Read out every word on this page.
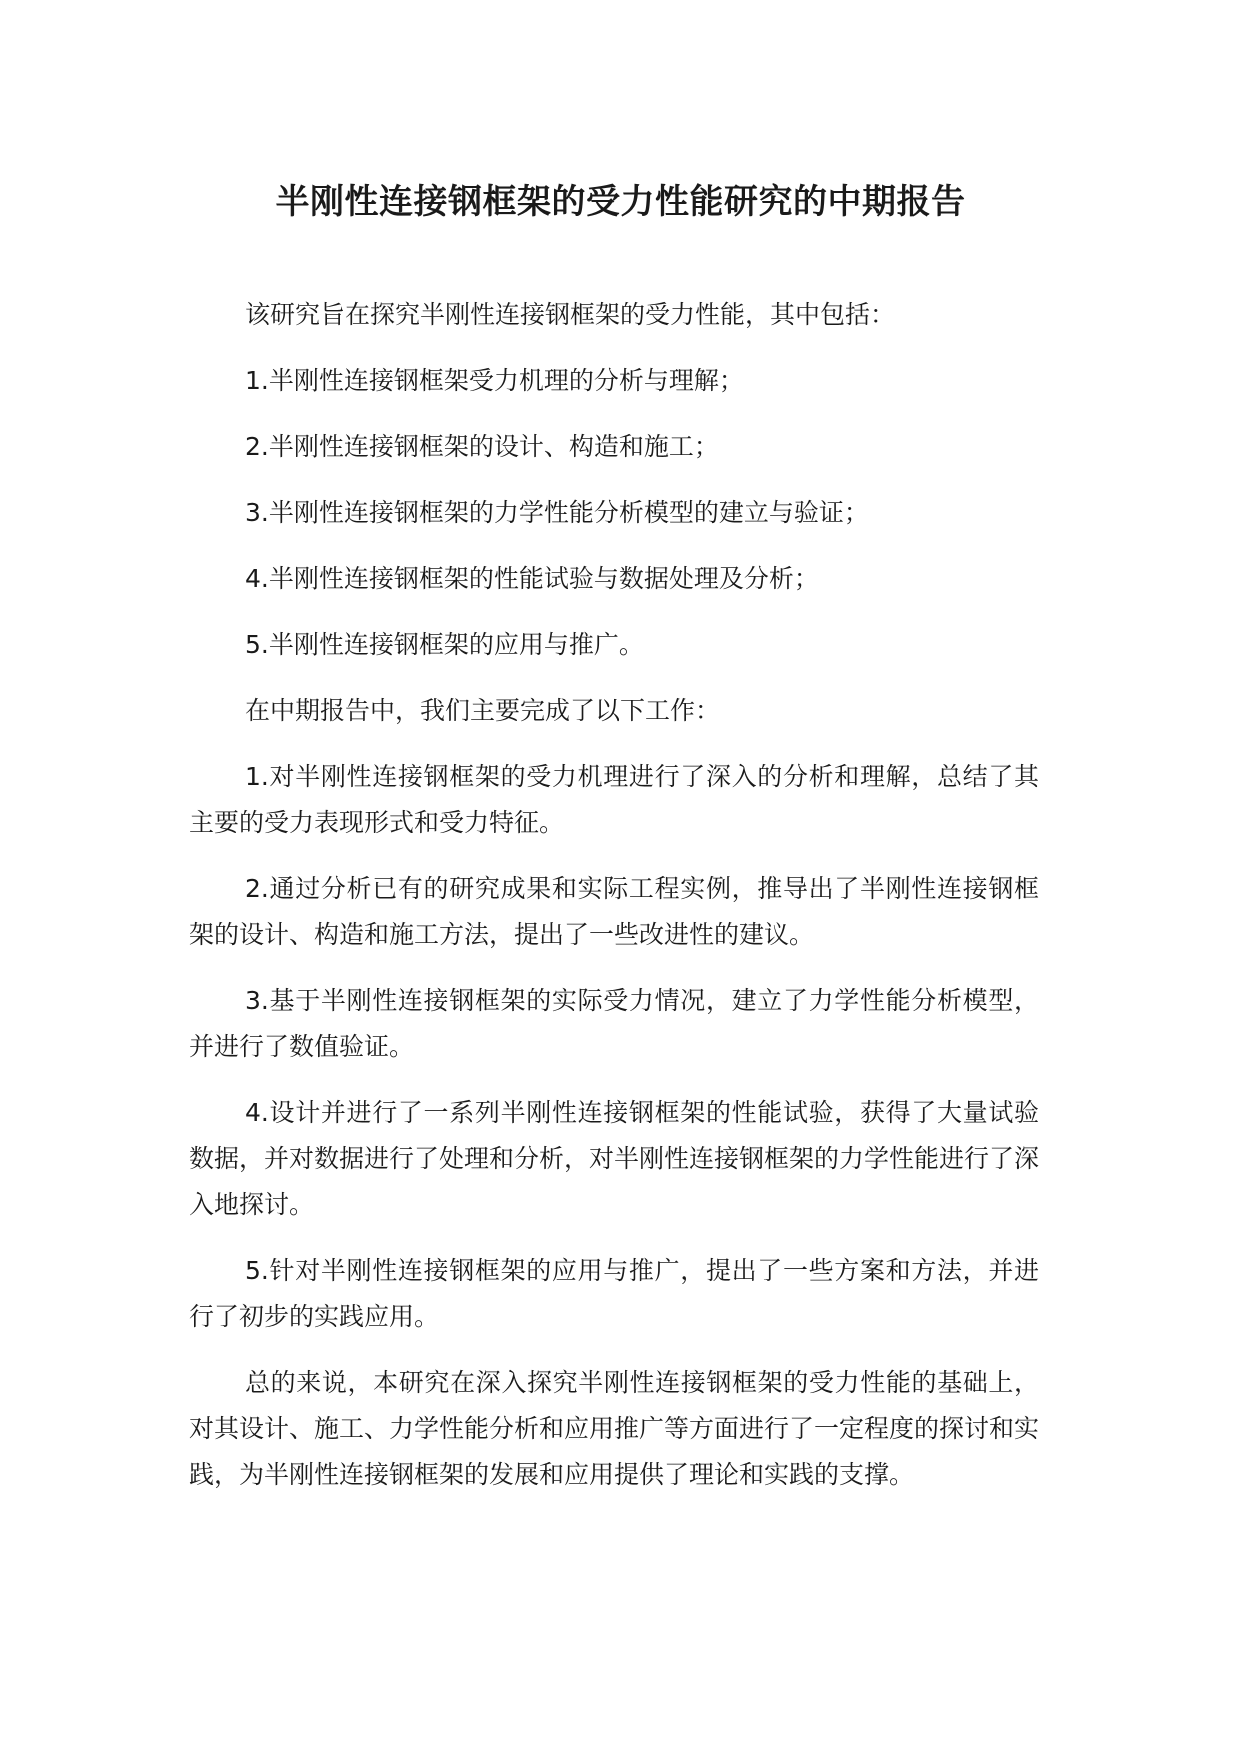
半刚性连接钢框架的受力性能研究的中期报告

该研究旨在探究半刚性连接钢框架的受力性能，其中包括：

1.半刚性连接钢框架受力机理的分析与理解；

2.半刚性连接钢框架的设计、构造和施工；

3.半刚性连接钢框架的力学性能分析模型的建立与验证；

4.半刚性连接钢框架的性能试验与数据处理及分析；

5.半刚性连接钢框架的应用与推广。

在中期报告中，我们主要完成了以下工作：

1.对半刚性连接钢框架的受力机理进行了深入的分析和理解，总结了其主要的受力表现形式和受力特征。

2.通过分析已有的研究成果和实际工程实例，推导出了半刚性连接钢框架的设计、构造和施工方法，提出了一些改进性的建议。

3.基于半刚性连接钢框架的实际受力情况，建立了力学性能分析模型，并进行了数值验证。

4.设计并进行了一系列半刚性连接钢框架的性能试验，获得了大量试验数据，并对数据进行了处理和分析，对半刚性连接钢框架的力学性能进行了深入地探讨。

5.针对半刚性连接钢框架的应用与推广，提出了一些方案和方法，并进行了初步的实践应用。

总的来说，本研究在深入探究半刚性连接钢框架的受力性能的基础上，对其设计、施工、力学性能分析和应用推广等方面进行了一定程度的探讨和实践，为半刚性连接钢框架的发展和应用提供了理论和实践的支撑。
